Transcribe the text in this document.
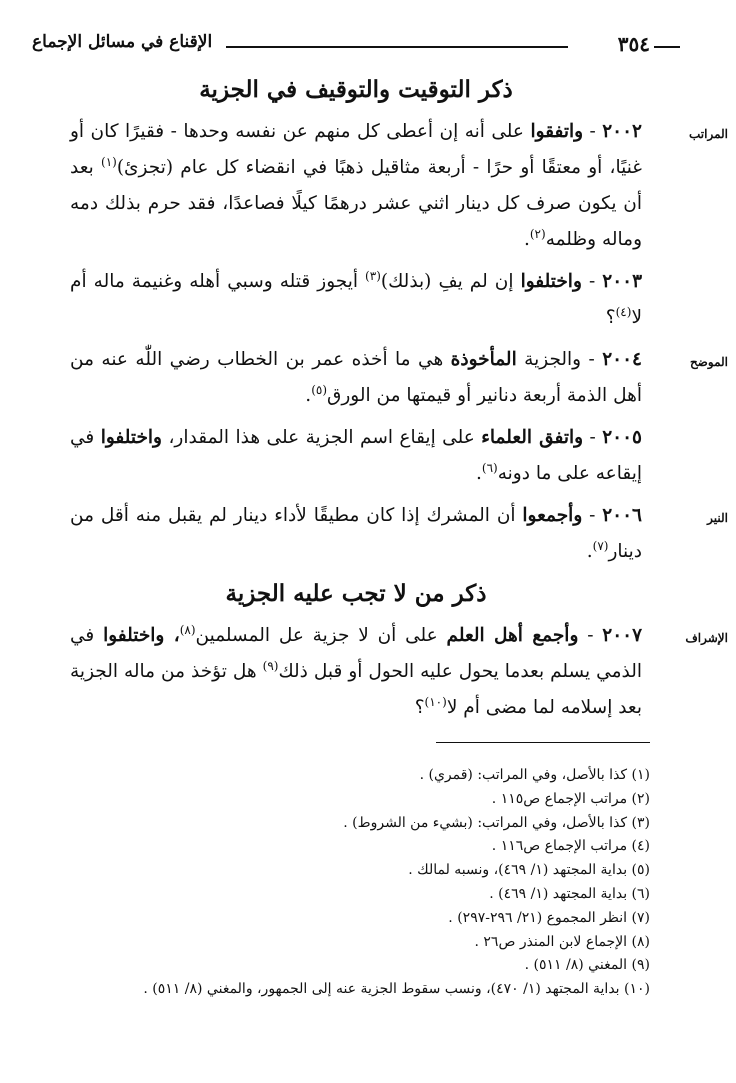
٣٥٤
الإقناع في مسائل الإجماع
ذكر التوقيت والتوقيف في الجزية

المراتب
٢٠٠٢ - واتفقوا على أنه إن أعطى كل منهم عن نفسه وحدها - فقيرًا كان أو غنيًا، أو معتقًا أو حرًا - أربعة مثاقيل ذهبًا في انقضاء كل عام (تجزئ)$^{(١)}$ بعد أن يكون صرف كل دينار اثني عشر درهمًا كيلًا فصاعدًا، فقد حرم بذلك دمه وماله وظلمه$^{(٢)}$.

٢٠٠٣ - واختلفوا إن لم يفِ (بذلك)$^{(٣)}$ أيجوز قتله وسبي أهله وغنيمة ماله أم لا$^{(٤)}$؟

الموضح
٢٠٠٤ - والجزية المأخوذة هي ما أخذه عمر بن الخطاب رضي اللّٰه عنه من أهل الذمة أربعة دنانير أو قيمتها من الورق$^{(٥)}$.

٢٠٠٥ - واتفق العلماء على إيقاع اسم الجزية على هذا المقدار، واختلفوا في إيقاعه على ما دونه$^{(٦)}$.

النير
٢٠٠٦ - وأجمعوا أن المشرك إذا كان مطيقًا لأداء دينار لم يقبل منه أقل من دينار$^{(٧)}$.

ذكر من لا تجب عليه الجزية

الإشراف
٢٠٠٧ - وأجمع أهل العلم على أن لا جزية عل المسلمين$^{(٨)}$، واختلفوا في الذمي يسلم بعدما يحول عليه الحول أو قبل ذلك$^{(٩)}$ هل تؤخذ من ماله الجزية بعد إسلامه لما مضى أم لا$^{(١٠)}$؟

(١) كذا بالأصل، وفي المراتب: (قمري) .
(٢) مراتب الإجماع ص١١٥ .
(٣) كذا بالأصل، وفي المراتب: (بشيء من الشروط) .
(٤) مراتب الإجماع ص١١٦ .
(٥) بداية المجتهد (١/ ٤٦٩)، ونسبه لمالك .
(٦) بداية المجتهد (١/ ٤٦٩) .
(٧) انظر المجموع (٢١/ ٢٩٦-٢٩٧) .
(٨) الإجماع لابن المنذر ص٢٦ .
(٩) المغني (٨/ ٥١١) .
(١٠) بداية المجتهد (١/ ٤٧٠)، ونسب سقوط الجزية عنه إلى الجمهور، والمغني (٨/ ٥١١) .
